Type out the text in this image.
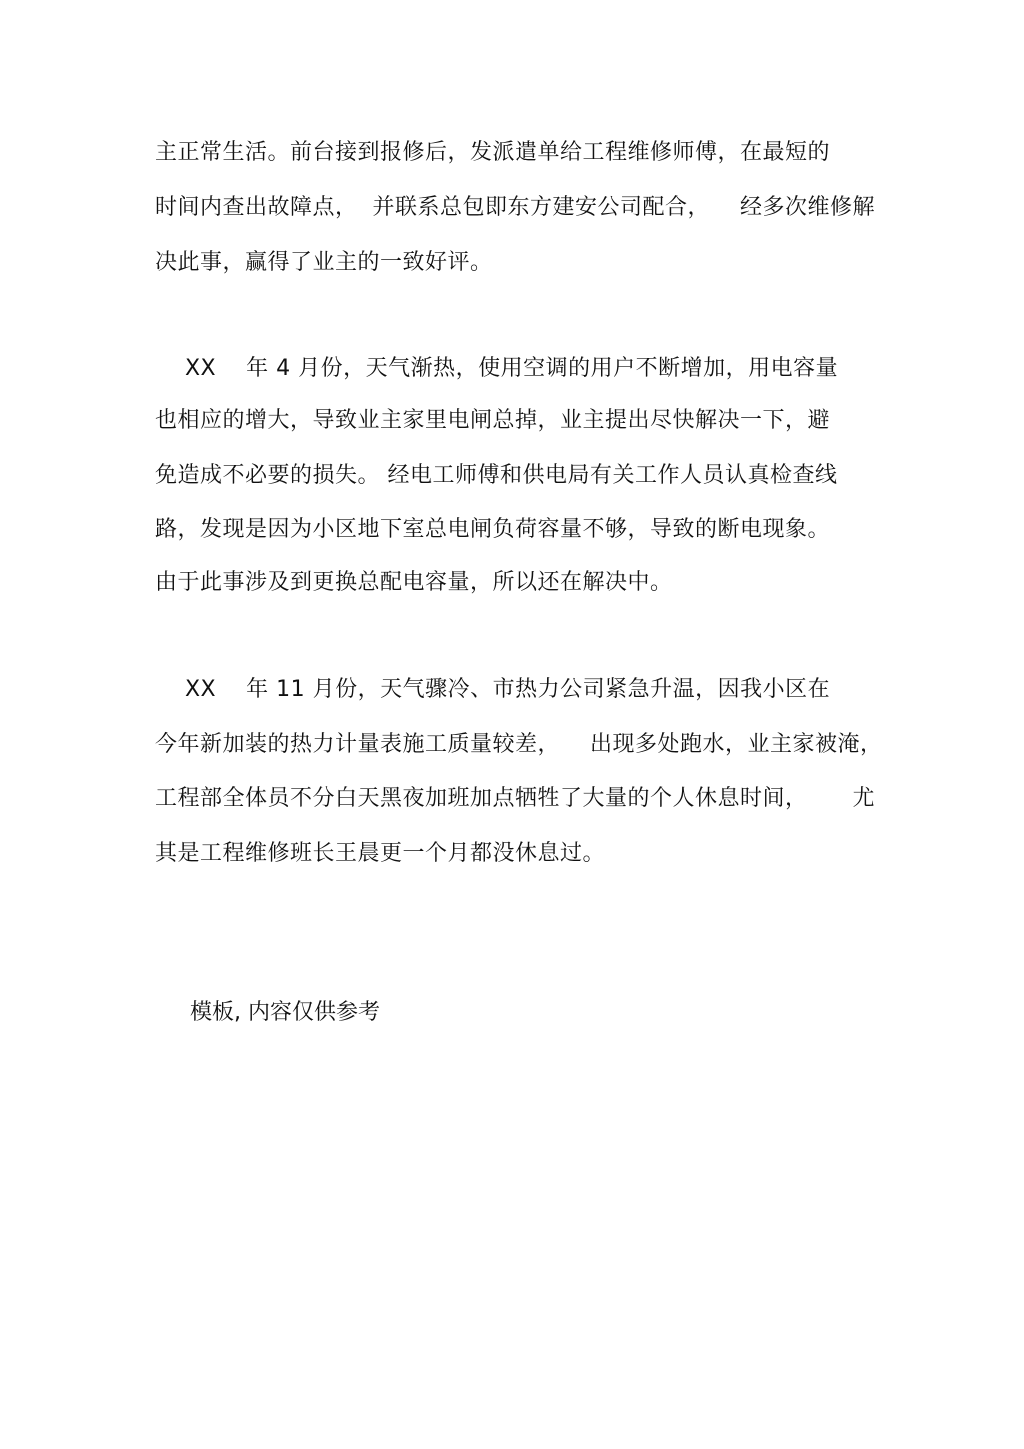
主正常生活。前台接到报修后，发派遣单给工程维修师傅，在最短的
时间内查出故障点，  并联系总包即东方建安公司配合，    经多次维修解
决此事，赢得了业主的一致好评。
XX    年 4 月份，天气渐热，使用空调的用户不断增加，用电容量
也相应的增大，导致业主家里电闸总掉，业主提出尽快解决一下，避
免造成不必要的损失。 经电工师傅和供电局有关工作人员认真检查线
路，发现是因为小区地下室总电闸负荷容量不够，导致的断电现象。
由于此事涉及到更换总配电容量，所以还在解决中。
XX    年 11 月份，天气骤冷、市热力公司紧急升温，因我小区在
今年新加装的热力计量表施工质量较差，    出现多处跑水，业主家被淹，
工程部全体员不分白天黑夜加班加点牺牲了大量的个人休息时间，      尤
其是工程维修班长王晨更一个月都没休息过。
模板, 内容仅供参考
